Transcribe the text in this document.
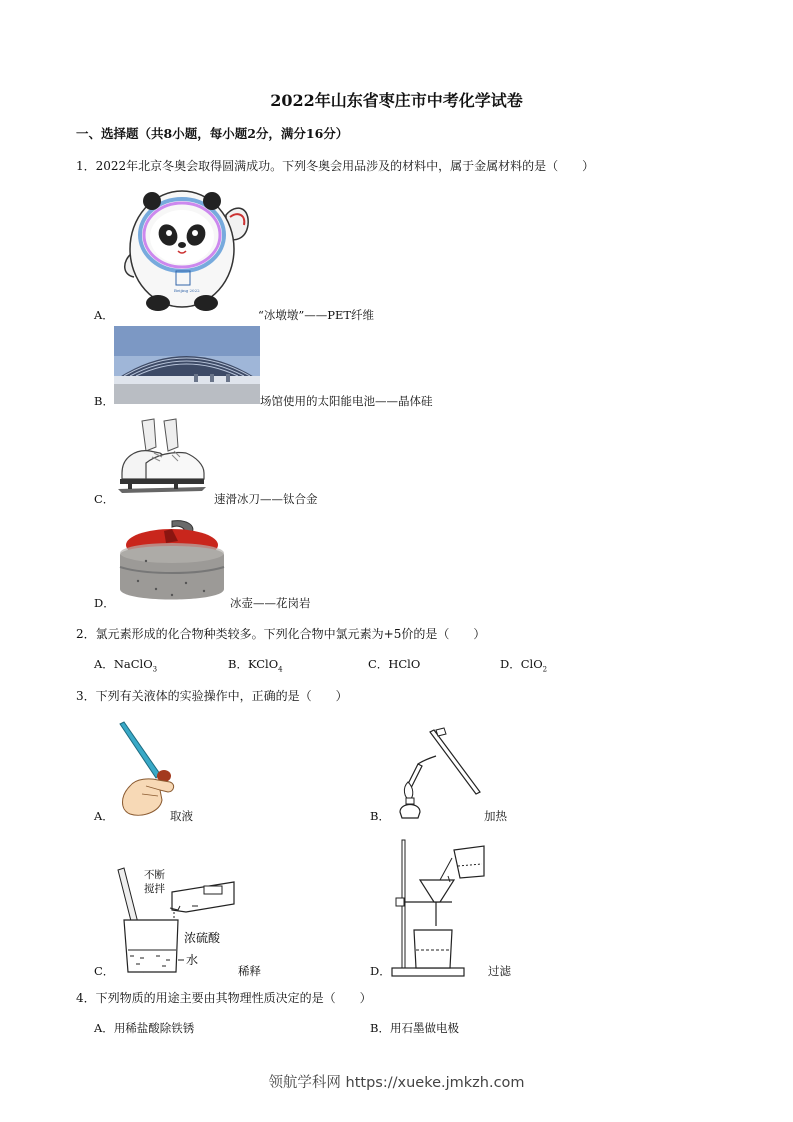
2022年山东省枣庄市中考化学试卷
一、选择题（共8小题，每小题2分，满分16分）
1．2022年北京冬奥会取得圆满成功。下列冬奥会用品涉及的材料中，属于金属材料的是（　　）
Beijing 2022
A．	“冰墩墩”——PET纤维
B．	场馆使用的太阳能电池——晶体硅
C．	速滑冰刀——钛合金
D．	冰壶——花岗岩
2．氯元素形成的化合物种类较多。下列化合物中氯元素为+5价的是（　　）
A．NaClO$_3$	B．KClO$_4$	C．HClO	D．ClO$_2$
3．下列有关液体的实验操作中，正确的是（　　）
A．	取液	B．	加热
不断
搅拌
浓硫酸
水
C．	稀释	D．	过滤
4．下列物质的用途主要由其物理性质决定的是（　　）
A．用稀盐酸除铁锈	B．用石墨做电极
领航学科网 https://xueke.jmkzh.com
